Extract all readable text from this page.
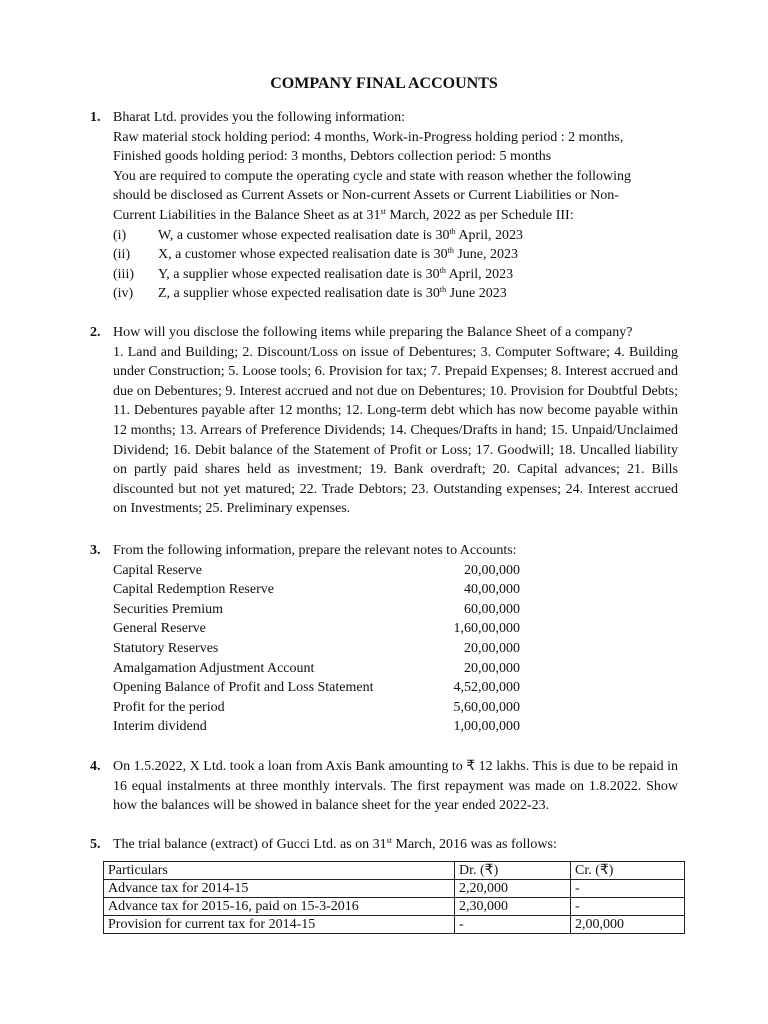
COMPANY FINAL ACCOUNTS
1. Bharat Ltd. provides you the following information:
Raw material stock holding period: 4 months, Work-in-Progress holding period : 2 months,
Finished goods holding period: 3 months, Debtors collection period: 5 months
You are required to compute the operating cycle and state with reason whether the following
should be disclosed as Current Assets or Non-current Assets or Current Liabilities or Non-
Current Liabilities in the Balance Sheet as at 31st March, 2022 as per Schedule III:
(i)	W, a customer whose expected realisation date is 30th April, 2023
(ii)	X, a customer whose expected realisation date is 30th June, 2023
(iii)	Y, a supplier whose expected realisation date is 30th April, 2023
(iv)	Z, a supplier whose expected realisation date is 30th June 2023
2. How will you disclose the following items while preparing the Balance Sheet of a company?
1. Land and Building; 2. Discount/Loss on issue of Debentures; 3. Computer Software; 4. Building under Construction; 5. Loose tools; 6. Provision for tax; 7. Prepaid Expenses; 8. Interest accrued and due on Debentures; 9. Interest accrued and not due on Debentures; 10. Provision for Doubtful Debts; 11. Debentures payable after 12 months; 12. Long-term debt which has now become payable within 12 months; 13. Arrears of Preference Dividends; 14. Cheques/Drafts in hand; 15. Unpaid/Unclaimed Dividend; 16. Debit balance of the Statement of Profit or Loss; 17. Goodwill; 18. Uncalled liability on partly paid shares held as investment; 19. Bank overdraft; 20. Capital advances; 21. Bills discounted but not yet matured; 22. Trade Debtors; 23. Outstanding expenses; 24. Interest accrued on Investments; 25. Preliminary expenses.
3. From the following information, prepare the relevant notes to Accounts:
Capital Reserve	20,00,000
Capital Redemption Reserve	40,00,000
Securities Premium	60,00,000
General Reserve	1,60,00,000
Statutory Reserves	20,00,000
Amalgamation Adjustment Account	20,00,000
Opening Balance of Profit and Loss Statement	4,52,00,000
Profit for the period	5,60,00,000
Interim dividend	1,00,00,000
4. On 1.5.2022, X Ltd. took a loan from Axis Bank amounting to ₹ 12 lakhs. This is due to be repaid in 16 equal instalments at three monthly intervals. The first repayment was made on 1.8.2022. Show how the balances will be showed in balance sheet for the year ended 2022-23.
5. The trial balance (extract) of Gucci Ltd. as on 31st March, 2016 was as follows:
Particulars	Dr. (₹)	Cr. (₹)
Advance tax for 2014-15	2,20,000	-
Advance tax for 2015-16, paid on 15-3-2016	2,30,000	-
Provision for current tax for 2014-15	-	2,00,000
